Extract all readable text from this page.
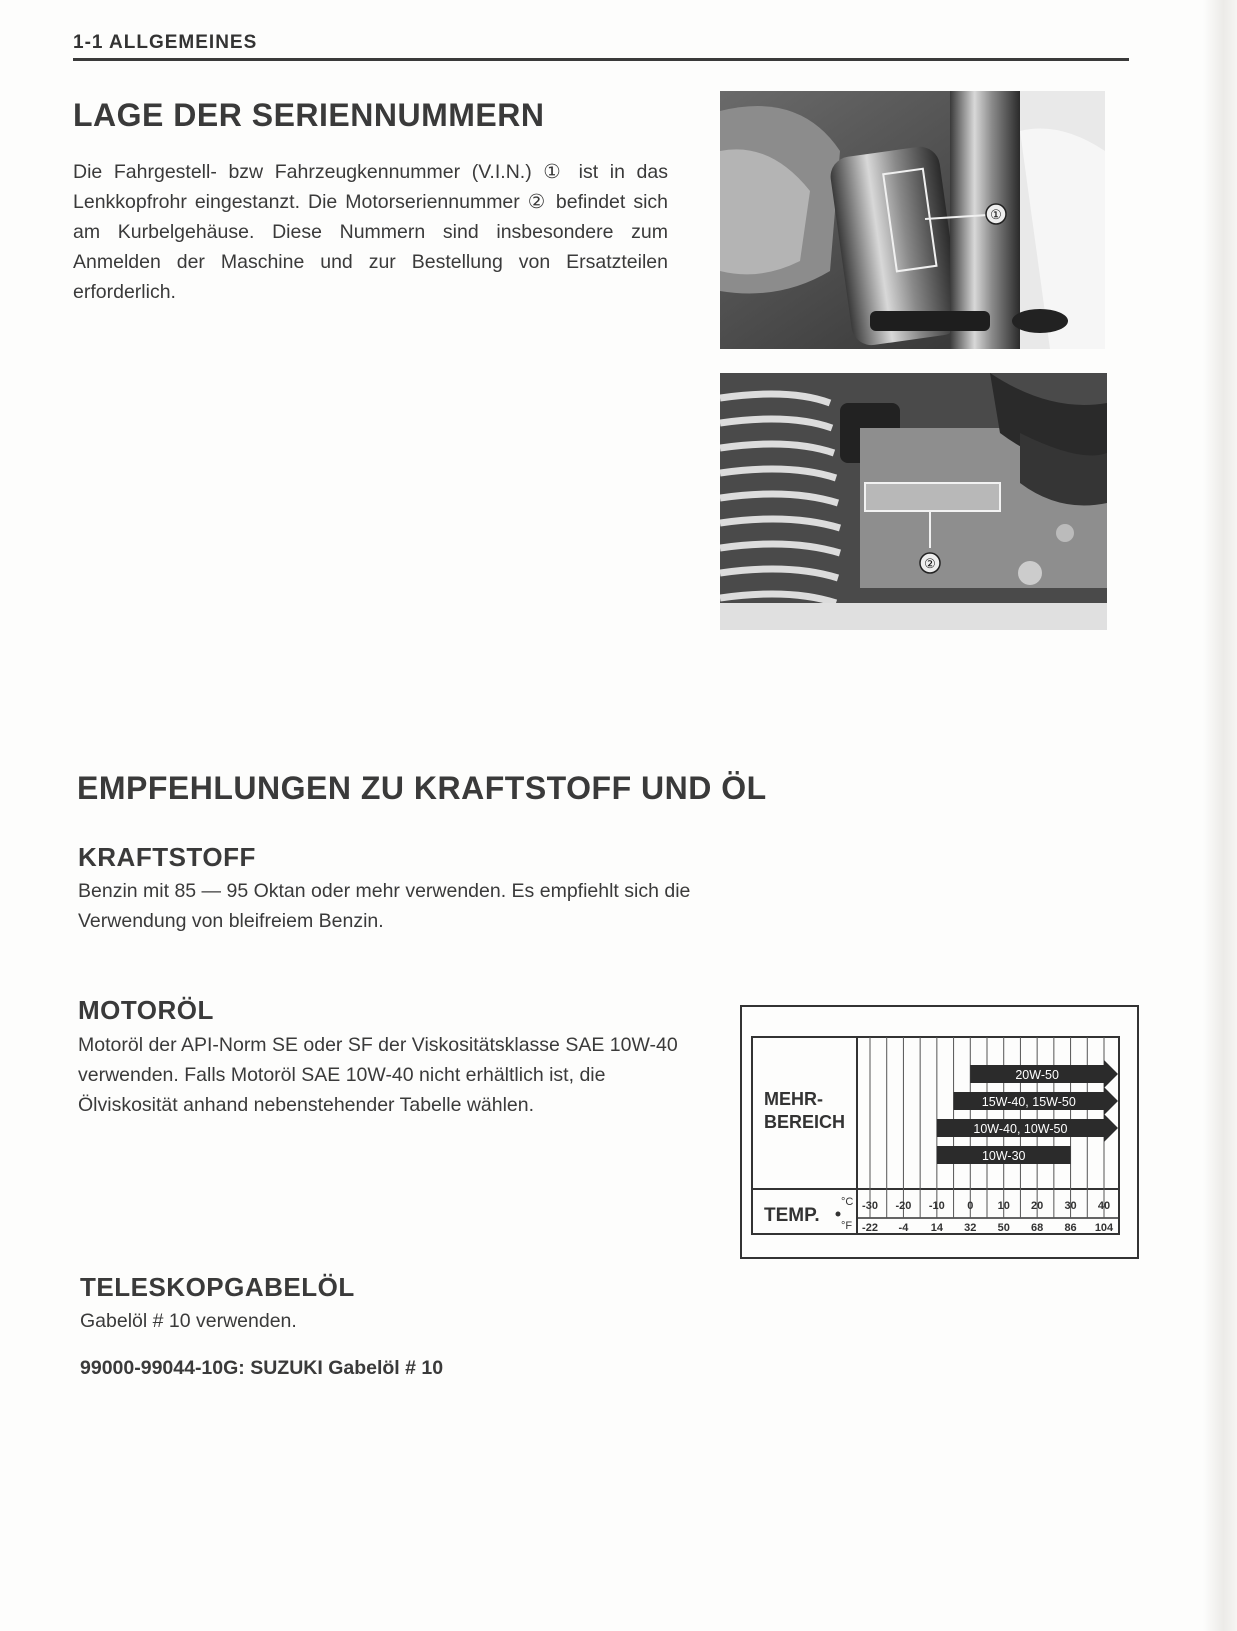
1-1 ALLGEMEINES
LAGE DER SERIENNUMMERN
Die Fahrgestell- bzw Fahrzeugkennummer (V.I.N.) ① ist in das Lenkkopfrohr eingestanzt. Die Motorseriennummer ② befindet sich am Kurbelgehäuse. Diese Nummern sind insbesondere zum Anmelden der Maschine und zur Bestellung von Ersatzteilen erforderlich.
①
②
EMPFEHLUNGEN ZU KRAFTSTOFF UND ÖL
KRAFTSTOFF
Benzin mit 85 — 95 Oktan oder mehr verwenden. Es empfiehlt sich die Verwendung von bleifreiem Benzin.
MOTORÖL
Motoröl der API-Norm SE oder SF der Viskositätsklasse SAE 10W-40 verwenden. Falls Motoröl SAE 10W-40 nicht erhältlich ist, die Ölviskosität anhand nebenstehender Tabelle wählen.
20W-50
15W-40, 15W-50
10W-40, 10W-50
10W-30
MEHR-
BEREICH
TEMP.
°C
°F
-30 -20 -10 0 10 20 30 40
-22 -4 14 32 50 68 86 104
TELESKOPGABELÖL
Gabelöl # 10 verwenden.
99000-99044-10G: SUZUKI Gabelöl # 10
